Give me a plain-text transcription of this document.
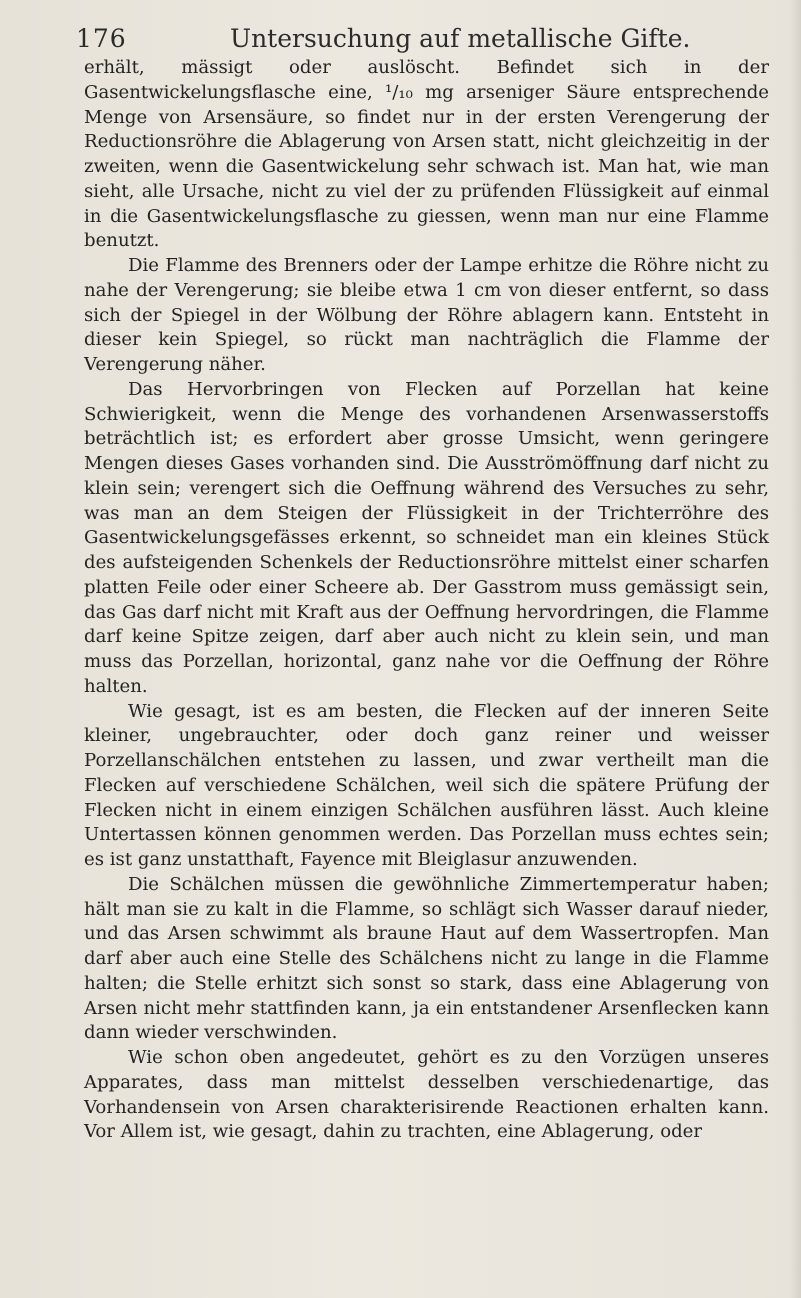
176	Untersuchung auf metallische Gifte.

erhält, mässigt oder auslöscht. Befindet sich in der Gasentwickelungsflasche eine, ¹/₁₀ mg arseniger Säure entsprechende Menge von Arsensäure, so findet nur in der ersten Verengerung der Reductionsröhre die Ablagerung von Arsen statt, nicht gleichzeitig in der zweiten, wenn die Gasentwickelung sehr schwach ist. Man hat, wie man sieht, alle Ursache, nicht zu viel der zu prüfenden Flüssigkeit auf einmal in die Gasentwickelungsflasche zu giessen, wenn man nur eine Flamme benutzt.

Die Flamme des Brenners oder der Lampe erhitze die Röhre nicht zu nahe der Verengerung; sie bleibe etwa 1 cm von dieser entfernt, so dass sich der Spiegel in der Wölbung der Röhre ablagern kann. Entsteht in dieser kein Spiegel, so rückt man nachträglich die Flamme der Verengerung näher.

Das Hervorbringen von Flecken auf Porzellan hat keine Schwierigkeit, wenn die Menge des vorhandenen Arsenwasserstoffs beträchtlich ist; es erfordert aber grosse Umsicht, wenn geringere Mengen dieses Gases vorhanden sind. Die Ausströmöffnung darf nicht zu klein sein; verengert sich die Oeffnung während des Versuches zu sehr, was man an dem Steigen der Flüssigkeit in der Trichterröhre des Gasentwickelungsgefässes erkennt, so schneidet man ein kleines Stück des aufsteigenden Schenkels der Reductionsröhre mittelst einer scharfen platten Feile oder einer Scheere ab. Der Gasstrom muss gemässigt sein, das Gas darf nicht mit Kraft aus der Oeffnung hervordringen, die Flamme darf keine Spitze zeigen, darf aber auch nicht zu klein sein, und man muss das Porzellan, horizontal, ganz nahe vor die Oeffnung der Röhre halten.

Wie gesagt, ist es am besten, die Flecken auf der inneren Seite kleiner, ungebrauchter, oder doch ganz reiner und weisser Porzellanschälchen entstehen zu lassen, und zwar vertheilt man die Flecken auf verschiedene Schälchen, weil sich die spätere Prüfung der Flecken nicht in einem einzigen Schälchen ausführen lässt. Auch kleine Untertassen können genommen werden. Das Porzellan muss echtes sein; es ist ganz unstatthaft, Fayence mit Bleiglasur anzuwenden.

Die Schälchen müssen die gewöhnliche Zimmertemperatur haben; hält man sie zu kalt in die Flamme, so schlägt sich Wasser darauf nieder, und das Arsen schwimmt als braune Haut auf dem Wassertropfen. Man darf aber auch eine Stelle des Schälchens nicht zu lange in die Flamme halten; die Stelle erhitzt sich sonst so stark, dass eine Ablagerung von Arsen nicht mehr stattfinden kann, ja ein entstandener Arsenflecken kann dann wieder verschwinden.

Wie schon oben angedeutet, gehört es zu den Vorzügen unseres Apparates, dass man mittelst desselben verschiedenartige, das Vorhandensein von Arsen charakterisirende Reactionen erhalten kann. Vor Allem ist, wie gesagt, dahin zu trachten, eine Ablagerung, oder
